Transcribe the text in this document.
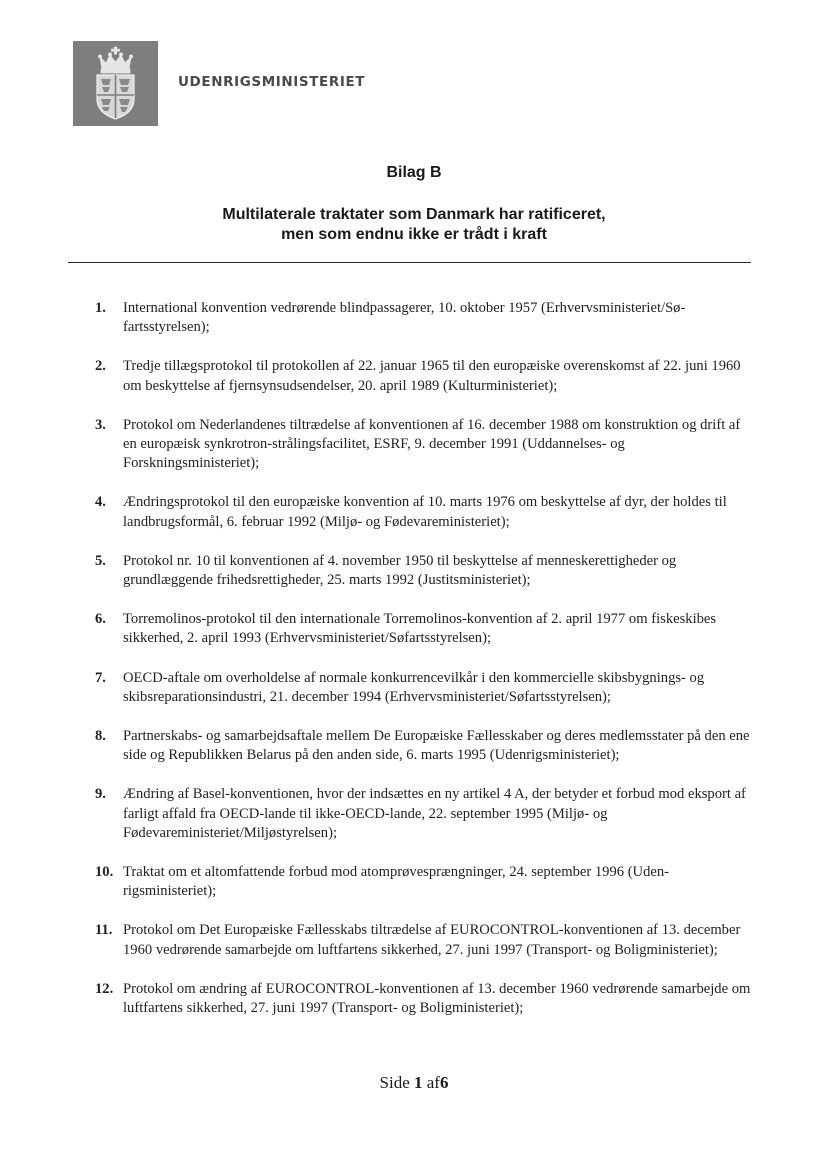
UDENRIGSMINISTERIET
Bilag B
Multilaterale traktater som Danmark har ratificeret,
men som endnu ikke er trådt i kraft
1.	International konvention vedrørende blindpassagerer, 10. oktober 1957 (Erhvervsministeriet/Søfartsstyrelsen);
2.	Tredje tillægsprotokol til protokollen af 22. januar 1965 til den europæiske overenskomst af 22. juni 1960 om beskyttelse af fjernsynsudsendelser, 20. april 1989 (Kulturministeriet);
3.	Protokol om Nederlandenes tiltrædelse af konventionen af 16. december 1988 om konstruktion og drift af en europæisk synkrotron-strålingsfacilitet, ESRF, 9. december 1991 (Uddannelses- og Forskningsministeriet);
4.	Ændringsprotokol til den europæiske konvention af 10. marts 1976 om beskyttelse af dyr, der holdes til landbrugsformål, 6. februar 1992 (Miljø- og Fødevareministeriet);
5.	Protokol nr. 10 til konventionen af 4. november 1950 til beskyttelse af menneskerettigheder og grundlæggende frihedsrettigheder, 25. marts 1992 (Justitsministeriet);
6.	Torremolinos-protokol til den internationale Torremolinos-konvention af 2. april 1977 om fiskeskibes sikkerhed, 2. april 1993 (Erhvervsministeriet/Søfartsstyrelsen);
7.	OECD-aftale om overholdelse af normale konkurrencevilkår i den kommercielle skibsbygnings- og skibsreparationsindustri, 21. december 1994 (Erhvervsministeriet/Søfartsstyrelsen);
8.	Partnerskabs- og samarbejdsaftale mellem De Europæiske Fællesskaber og deres medlemsstater på den ene side og Republikken Belarus på den anden side, 6. marts 1995 (Udenrigsministeriet);
9.	Ændring af Basel-konventionen, hvor der indsættes en ny artikel 4 A, der betyder et forbud mod eksport af farligt affald fra OECD-lande til ikke-OECD-lande, 22. september 1995 (Miljø- og Fødevareministeriet/Miljøstyrelsen);
10. Traktat om et altomfattende forbud mod atomprøvesprængninger, 24. september 1996 (Udenrigsministeriet);
11. Protokol om Det Europæiske Fællesskabs tiltrædelse af EUROCONTROL-konventionen af 13. december 1960 vedrørende samarbejde om luftfartens sikkerhed, 27. juni 1997 (Transport- og Boligministeriet);
12. Protokol om ændring af EUROCONTROL-konventionen af 13. december 1960 vedrørende samarbejde om luftfartens sikkerhed, 27. juni 1997 (Transport- og Boligministeriet);
Side 1 af6
